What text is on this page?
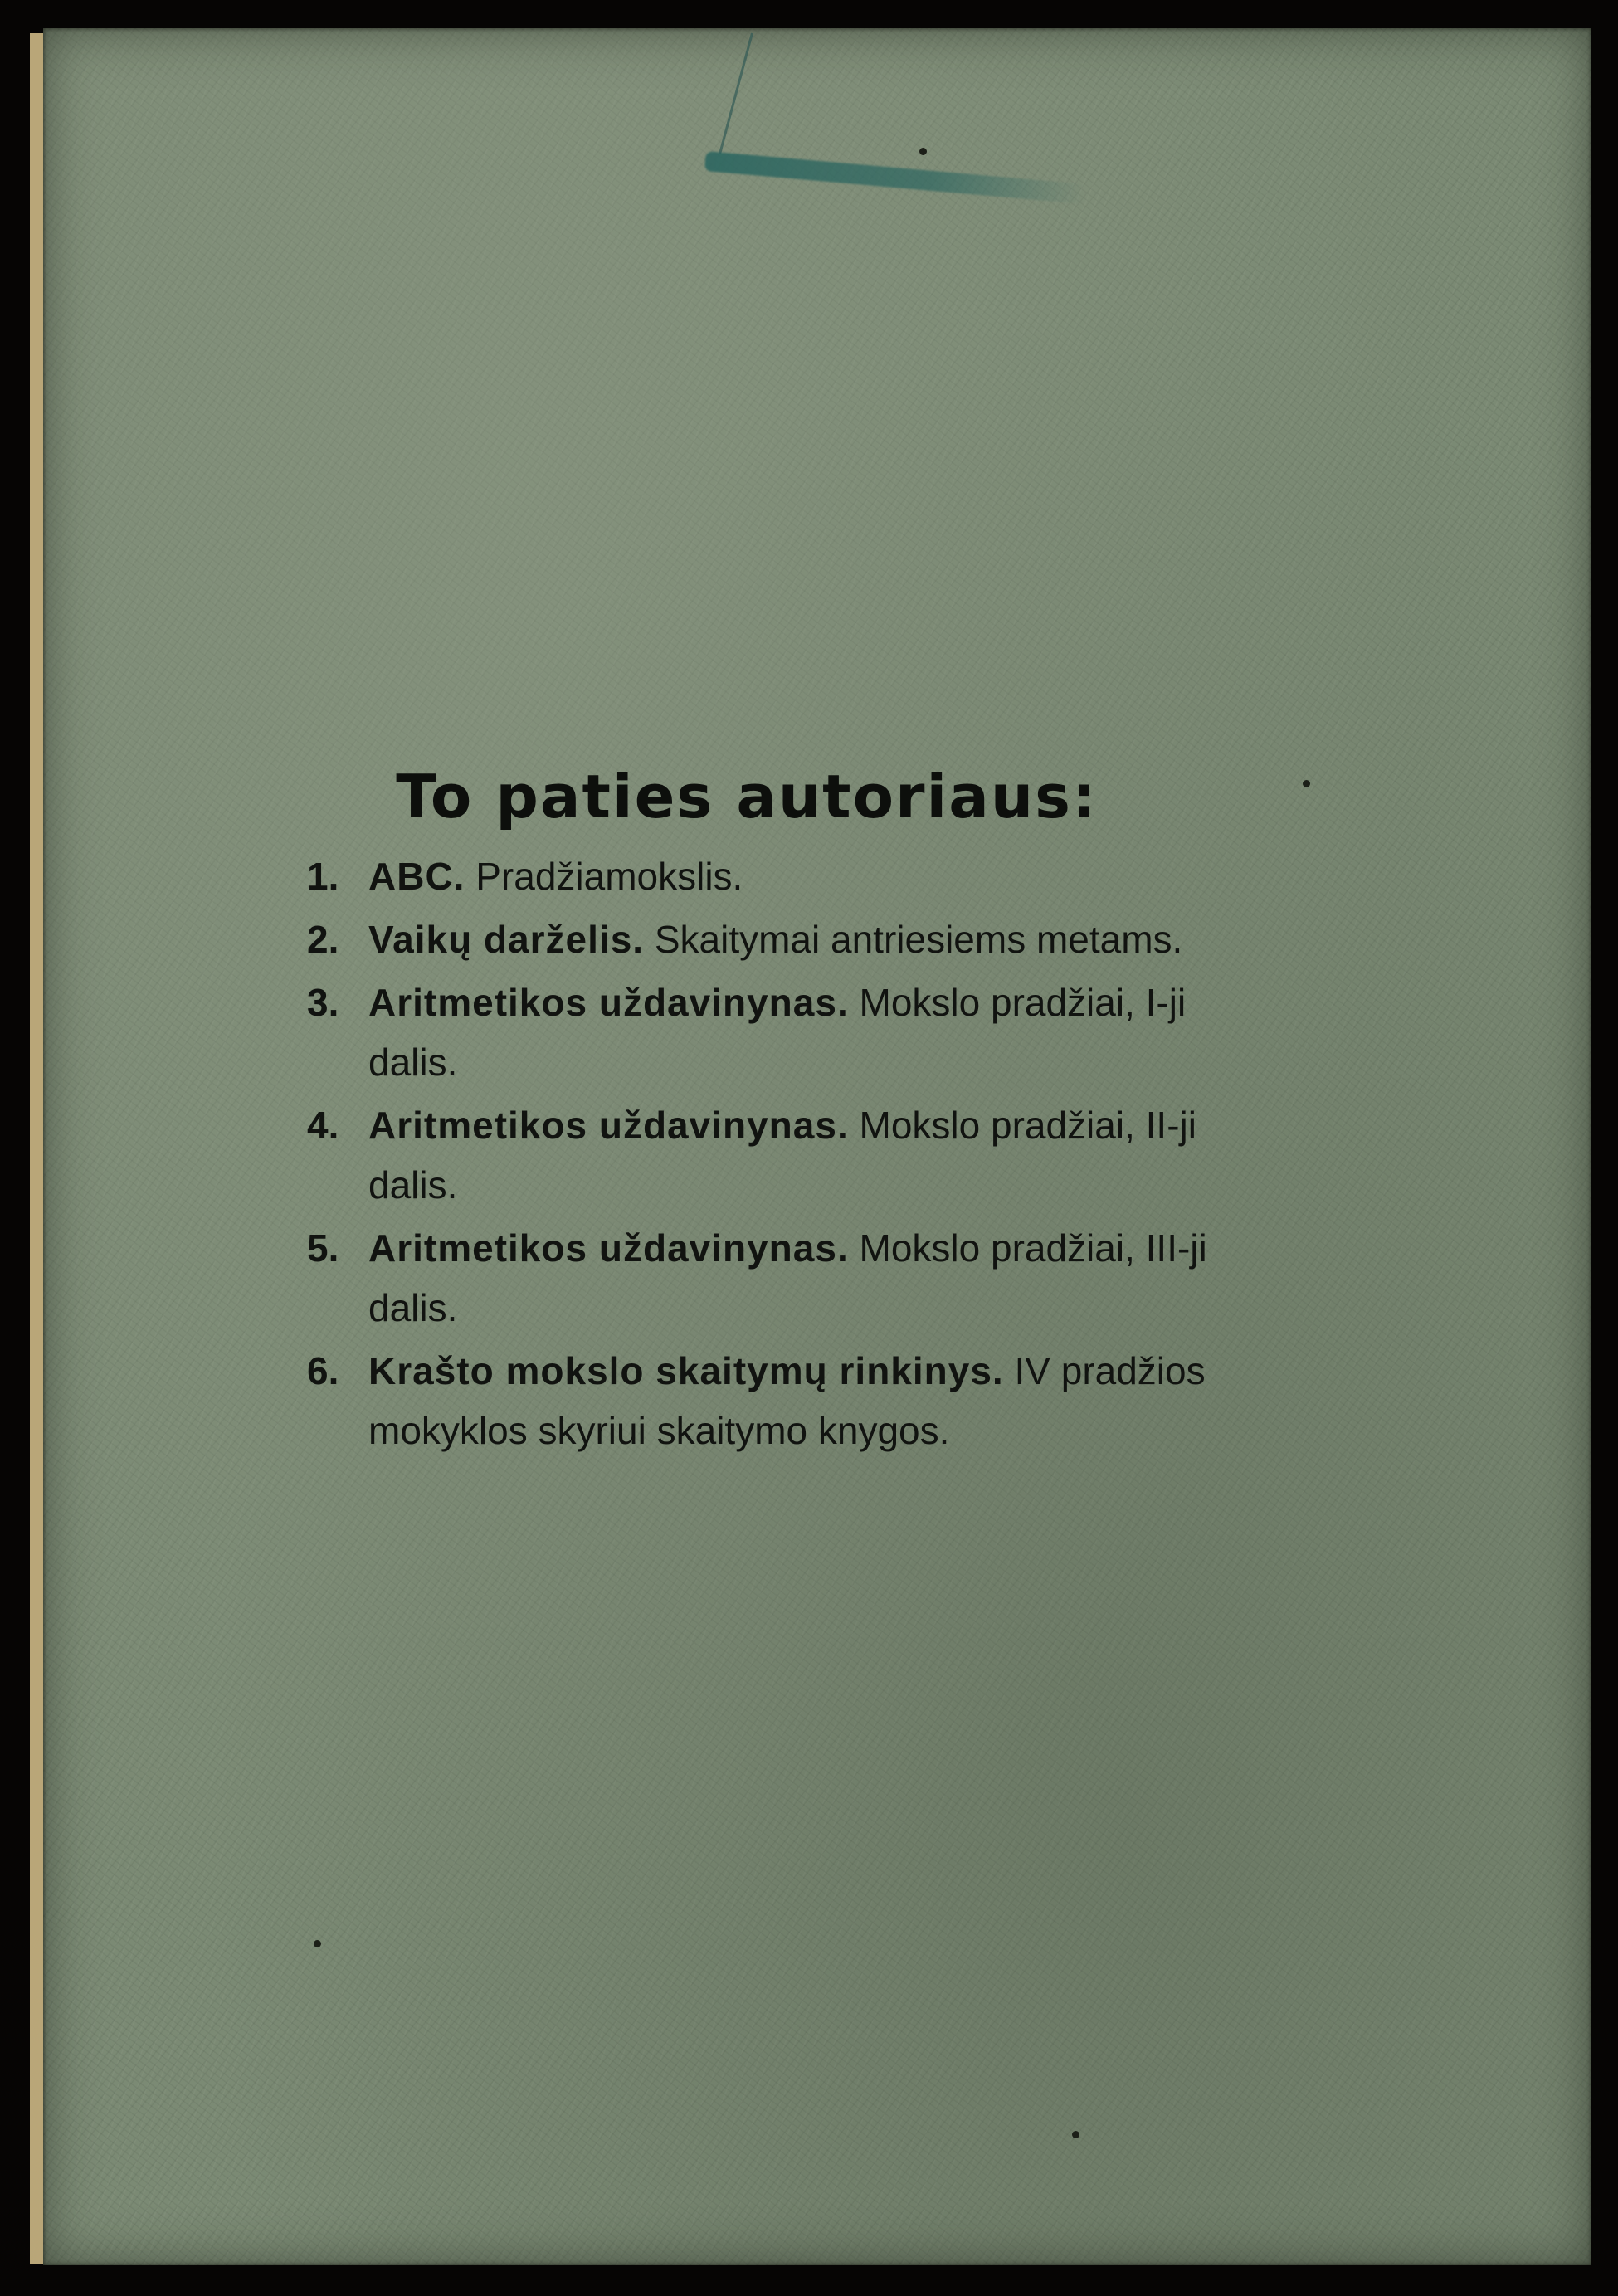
To paties autoriaus:
1. ABC. Pradžiamokslis.
2. Vaikų darželis. Skaitymai antriesiems metams.
3. Aritmetikos uždavinynas. Mokslo pradžiai, I-ji
dalis.
4. Aritmetikos uždavinynas. Mokslo pradžiai, II-ji
dalis.
5. Aritmetikos uždavinynas. Mokslo pradžiai, III-ji
dalis.
6. Krašto mokslo skaitymų rinkinys. IV pradžios
mokyklos skyriui skaitymo knygos.
